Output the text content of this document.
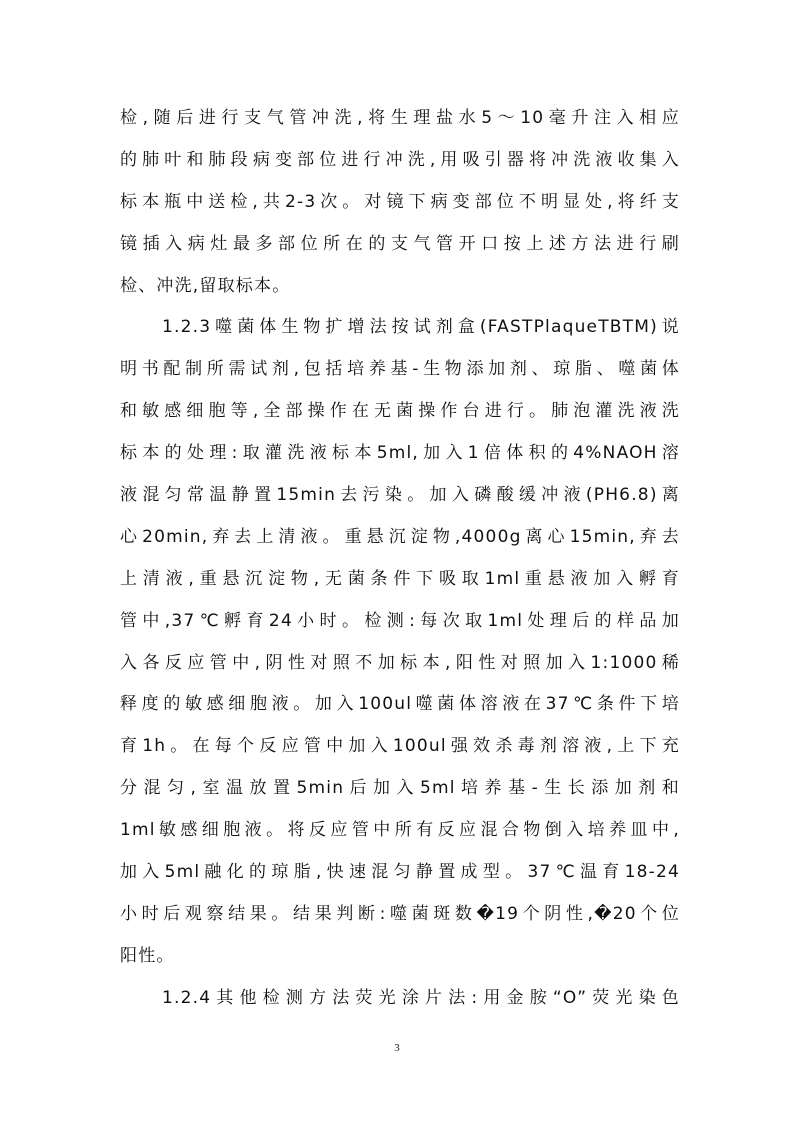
检,随后进行支气管冲洗,将生理盐水5～10毫升注入相应
的肺叶和肺段病变部位进行冲洗,用吸引器将冲洗液收集入
标本瓶中送检,共2-3次。对镜下病变部位不明显处,将纤支
镜插入病灶最多部位所在的支气管开口按上述方法进行刷
检、冲洗,留取标本。
1.2.3噬菌体生物扩增法按试剂盒(FASTPlaqueTBTM)说
明书配制所需试剂,包括培养基-生物添加剂、琼脂、噬菌体
和敏感细胞等,全部操作在无菌操作台进行。肺泡灌洗液洗
标本的处理:取灌洗液标本5ml,加入1倍体积的4%NAOH溶
液混匀常温静置15min去污染。加入磷酸缓冲液(PH6.8)离
心20min,弃去上清液。重悬沉淀物,4000g离心15min,弃去
上清液,重悬沉淀物,无菌条件下吸取1ml重悬液加入孵育
管中,37℃孵育24小时。检测:每次取1ml处理后的样品加
入各反应管中,阴性对照不加标本,阳性对照加入1:1000稀
释度的敏感细胞液。加入100ul噬菌体溶液在37℃条件下培
育1h。在每个反应管中加入100ul强效杀毒剂溶液,上下充
分混匀,室温放置5min后加入5ml培养基-生长添加剂和
1ml敏感细胞液。将反应管中所有反应混合物倒入培养皿中,
加入5ml融化的琼脂,快速混匀静置成型。37℃温育18-24
小时后观察结果。结果判断:噬菌斑数�19个阴性,�20个位
阳性。
1.2.4其他检测方法荧光涂片法:用金胺“O”荧光染色
3
